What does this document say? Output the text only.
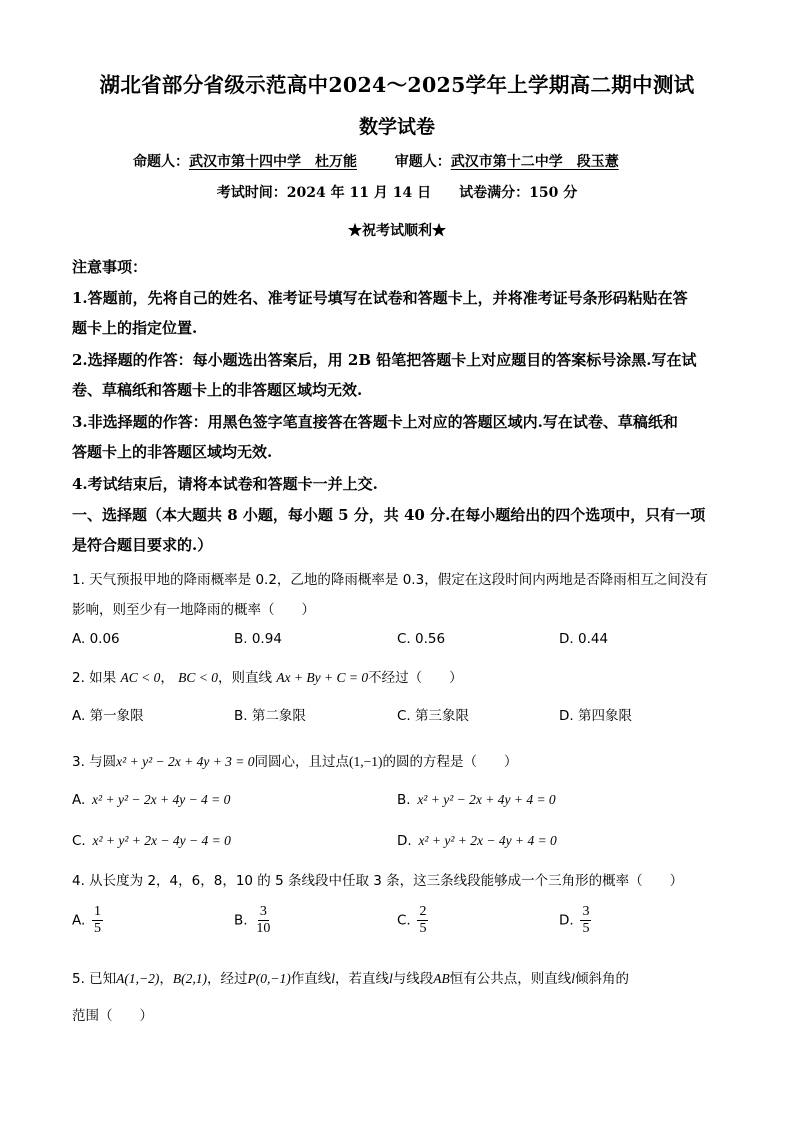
湖北省部分省级示范高中2024～2025学年上学期高二期中测试
数学试卷
命题人：武汉市第十四中学　杜万能	审题人：武汉市第十二中学　段玉薏
考试时间：2024 年 11 月 14 日　　试卷满分：150 分
★祝考试顺利★
注意事项：
1.答题前，先将自己的姓名、准考证号填写在试卷和答题卡上，并将准考证号条形码粘贴在答
题卡上的指定位置.
2.选择题的作答：每小题选出答案后，用 2B 铅笔把答题卡上对应题目的答案标号涂黑.写在试
卷、草稿纸和答题卡上的非答题区域均无效.
3.非选择题的作答：用黑色签字笔直接答在答题卡上对应的答题区域内.写在试卷、草稿纸和
答题卡上的非答题区域均无效.
4.考试结束后，请将本试卷和答题卡一并上交.
一、选择题（本大题共 8 小题，每小题 5 分，共 40 分.在每小题给出的四个选项中，只有一项
是符合题目要求的.）
1. 天气预报甲地的降雨概率是 0.2，乙地的降雨概率是 0.3，假定在这段时间内两地是否降雨相互之间没有
影响，则至少有一地降雨的概率（　　）
A. 0.06	B. 0.94	C. 0.56	D. 0.44
2. 如果 AC < 0， BC < 0，则直线 Ax + By + C = 0不经过（　　）
A. 第一象限	B. 第二象限	C. 第三象限	D. 第四象限
3. 与圆x² + y² − 2x + 4y + 3 = 0同圆心，且过点(1,−1)的圆的方程是（　　）
A. x² + y² − 2x + 4y − 4 = 0	B. x² + y² − 2x + 4y + 4 = 0
C. x² + y² + 2x − 4y − 4 = 0	D. x² + y² + 2x − 4y + 4 = 0
4. 从长度为 2，4，6，8，10 的 5 条线段中任取 3 条，这三条线段能够成一个三角形的概率（　　）
A. $\frac{1}{5}$	B. $\frac{3}{10}$	C. $\frac{2}{5}$	D. $\frac{3}{5}$
5. 已知A(1,−2)，B(2,1)，经过P(0,−1)作直线l，若直线l与线段AB恒有公共点，则直线l倾斜角的
范围（　　）
